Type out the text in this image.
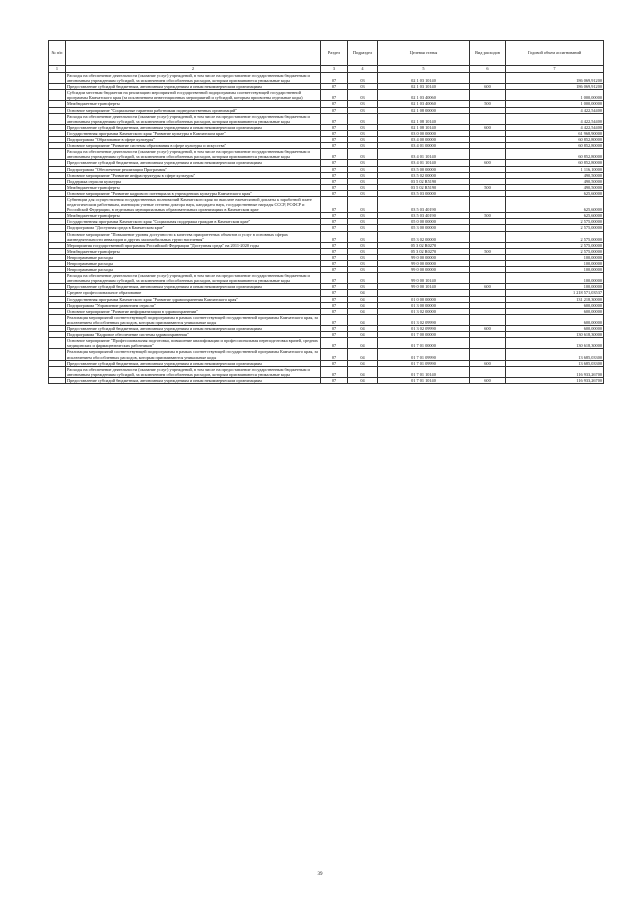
№ п/п		Раздел	Подраздел	Целевая статья	Вид расходов	Годовой объем ассигнований
1	2	3	4	5	6	7
	Расходы на обеспечение деятельности (оказание услуг) учреждений, в том числе на предоставление государственным бюджетным и автономным учреждениям субсидий, за исключением обособленных расходов, которым присваиваются уникальные коды	07	03	02 1 03 10140		186 069,91200
	Предоставление субсидий бюджетным, автономным учреждениям и иным некоммерческим организациям	07	03	02 1 03 10140	600	186 069,91200
	Субсидии местным бюджетам на реализацию мероприятий государственной подпрограммы соответствующей государственной программы Камчатского края (за исключением инвестиционных мероприятий и субсидий, которым присвоены отдельные коды)	07	03	02 1 03 40060		1 000,00000
	Межбюджетные трансферты	07	03	02 1 03 40060	500	1 000,00000
	Основное мероприятие "Социальные гарантии работникам подведомственных организаций"	07	03	02 1 08 00000		4 422,54400
	Расходы на обеспечение деятельности (оказание услуг) учреждений, в том числе на предоставление государственным бюджетным и автономным учреждениям субсидий, за исключением обособленных расходов, которым присваиваются уникальные коды	07	03	02 1 08 10140		4 422,54400
	Предоставление субсидий бюджетным, автономным учреждениям и иным некоммерческим организациям	07	03	02 1 08 10140	600	4 422,54400
	Государственная программа Камчатского края "Развитие культуры в Камчатском крае"	07	03	03 0 00 00000		61 968,90000
	Подпрограмма "Образование в сфере культуры"	07	03	03 4 00 00000		60 852,80000
	Основное мероприятие "Развитие системы образования в сфере культуры и искусства"	07	03	03 4 01 00000		60 852,80000
	Расходы на обеспечение деятельности (оказание услуг) учреждений, в том числе на предоставление государственным бюджетным и автономным учреждениям субсидий, за исключением обособленных расходов, которым присваиваются уникальные коды	07	03	03 4 01 10140		60 852,80000
	Предоставление субсидий бюджетным, автономным учреждениям и иным некоммерческим организациям	07	03	03 4 01 10140	600	60 852,80000
	Подпрограмма "Обеспечение реализации Программы"	07	03	03 5 00 00000		1 116,10000
	Основное мероприятие "Развитие инфраструктуры в сфере культуры"	07	03	03 5 02 00000		490,50000
	Поддержка отрасли культуры	07	03	03 5 02 R5190		490,50000
	Межбюджетные трансферты	07	03	03 5 02 R5190	500	490,50000
	Основное мероприятие "Развитие кадрового потенциала в учреждениях культуры Камчатского края"	07	03	03 5 03 00000		625,60000
	Субвенции для осуществления государственных полномочий Камчатского края по выплате ежемесячной доплаты к заработной плате педагогическим работникам, имеющим ученые степени доктора наук, кандидата наук, государственные награды СССР, РСФСР и Российской Федерации, в отдельных муниципальных образовательных организациях в Камчатском крае	07	03	03 5 03 40190		625,60000
	Межбюджетные трансферты	07	03	03 5 03 40190	500	625,60000
	Государственная программа Камчатского края "Социальная поддержка граждан в Камчатском крае"	07	03	05 0 00 00000		2 575,00000
	Подпрограмма "Доступная среда в Камчатском крае"	07	03	05 3 00 00000		2 575,00000
	Основное мероприятие "Повышение уровня доступности к качества приоритетных объектов и услуг в основных сферах жизнедеятельности инвалидов и других маломобильных групп населения"	07	03	05 3 02 00000		2 575,00000
	Мероприятия государственной программы Российской Федерации "Доступная среда" на 2011-2020 годы	07	03	05 3 02 R0270		2 575,00000
	Межбюджетные трансферты	07	03	05 3 02 R0270	500	2 575,00000
	Непрограммные расходы	07	03	99 0 00 00000		100,00000
	Непрограммные расходы	07	03	99 0 00 00000		100,00000
	Непрограммные расходы	07	03	99 0 00 00000		100,00000
	Расходы на обеспечение деятельности (оказание услуг) учреждений, в том числе на предоставление государственным бюджетным и автономным учреждениям субсидий, за исключением обособленных расходов, которым присваиваются уникальные коды	07	03	99 0 00 10140		100,00000
	Предоставление субсидий бюджетным, автономным учреждениям и иным некоммерческим организациям	07	03	99 0 00 10140	600	100,00000
	Среднее профессиональное образование	07	04			1 218 571,03537
	Государственная программа Камчатского края "Развитие здравоохранения Камчатского края"	07	04	01 0 00 00000		131 218,30000
	Подпрограмма "Управление развитием отрасли"	07	04	01 3 00 00000		600,00000
	Основное мероприятие "Развитие информатизации в здравоохранении"	07	04	01 3 02 00000		600,00000
	Реализация мероприятий соответствующей подпрограммы в рамках соответствующей государственной программы Камчатского края, за исключением обособленных расходов, которым присваиваются уникальные коды	07	04	01 3 02 09990		600,00000
	Предоставление субсидий бюджетным, автономным учреждениям и иным некоммерческим организациям	07	04	01 3 02 09990	600	600,00000
	Подпрограмма "Кадровое обеспечение системы здравоохранения"	07	04	01 7 00 00000		130 618,30000
	Основное мероприятие "Профессиональная подготовка, повышение квалификации и профессиональная переподготовка врачей, средних медицинских и фармацевтических работников"	07	04	01 7 01 00000		130 618,30000
	Реализация мероприятий соответствующей подпрограммы в рамках соответствующей государственной программы Камчатского края, за исключением обособленных расходов, которым присваиваются уникальные коды	07	04	01 7 01 09990		13 685,03300
	Предоставление субсидий бюджетным, автономным учреждениям и иным некоммерческим организациям	07	04	01 7 01 09990	600	13 685,03300
	Расходы на обеспечение деятельности (оказание услуг) учреждений, в том числе на предоставление государственным бюджетным и автономным учреждениям субсидий, за исключением обособленных расходов, которым присваиваются уникальные коды	07	04	01 7 01 10140		116 933,26700
	Предоставление субсидий бюджетным, автономным учреждениям и иным некоммерческим организациям	07	04	01 7 01 10140	600	116 933,26700
39
